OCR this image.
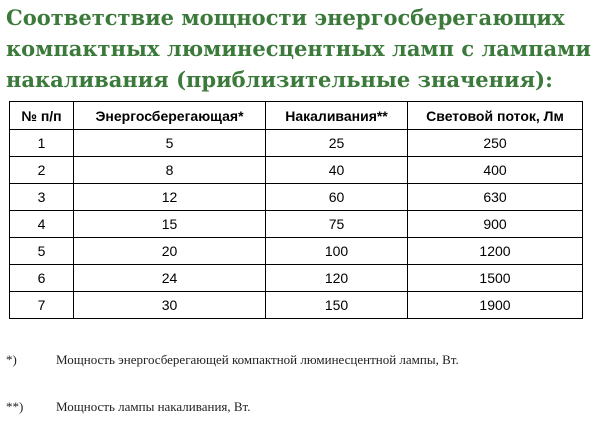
Соответствие мощности энергосберегающих
компактных люминесцентных ламп с лампами
накаливания (приблизительные значения):
№ п/п	Энергосберегающая*	Накаливания**	Световой поток, Лм
1	5	25	250
2	8	40	400
3	12	60	630
4	15	75	900
5	20	100	1200
6	24	120	1500
7	30	150	1900
*)	Мощность энергосберегающей компактной люминесцентной лампы, Вт.
**)	Мощность лампы накаливания, Вт.
